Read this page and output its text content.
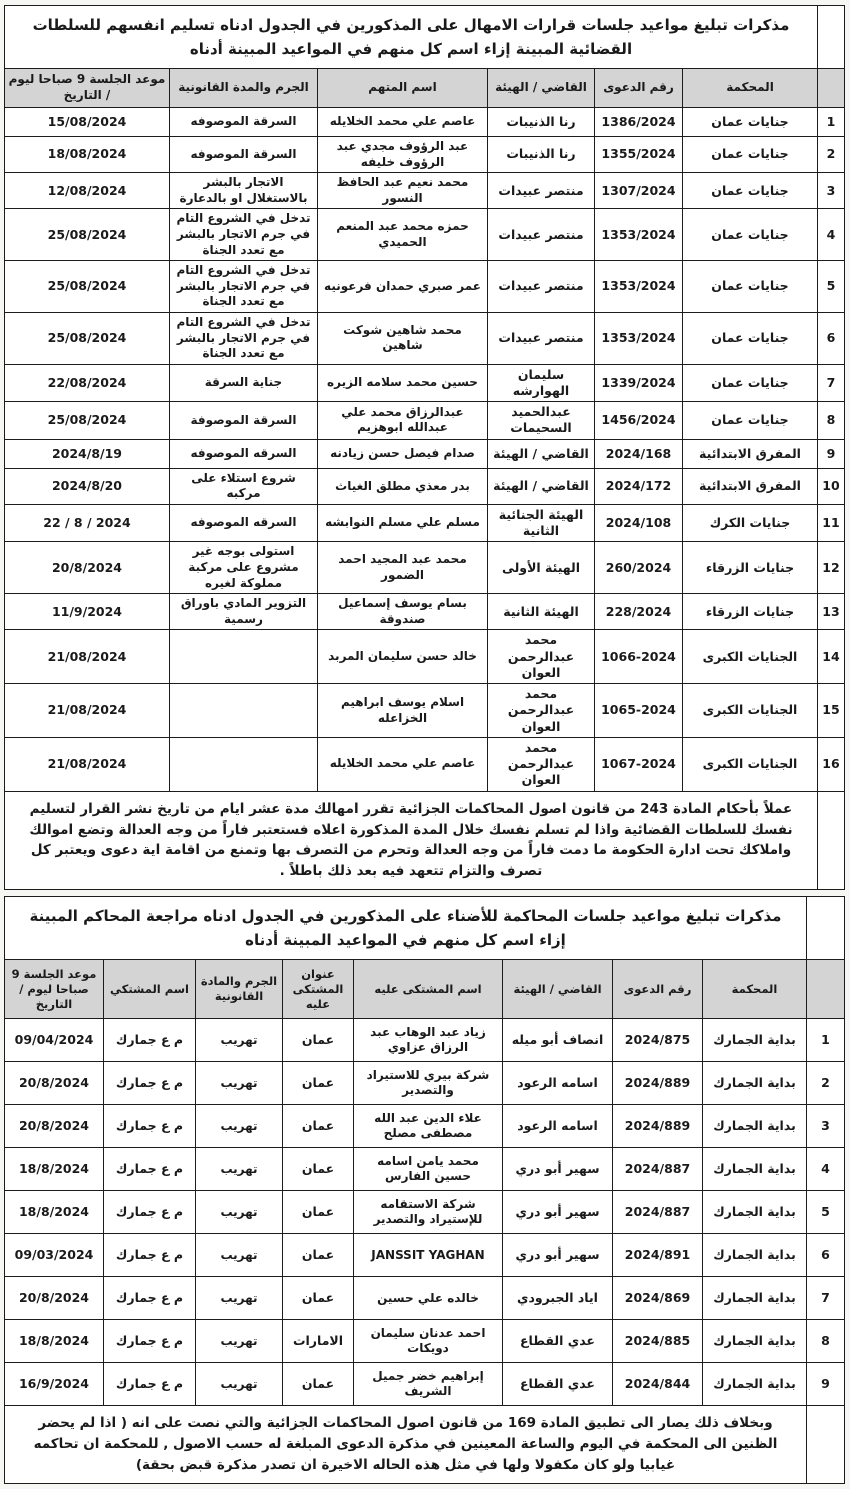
	مذكرات تبليغ مواعيد جلسات قرارات الامهال على المذكورين في الجدول ادناه تسليم انفسهم للسلطات القضائية المبينة إزاء اسم كل منهم في المواعيد المبينة أدناه					
	المحكمة	رقم الدعوى	القاضي / الهيئة	اسم المتهم	الجرم والمدة القانونية	موعد الجلسة 9 صباحا ليوم / التاريخ
1	جنايات عمان	1386/2024	رنا الذنيبات	عاصم علي محمد الخلايله	السرقة الموصوفه	15/08/2024
2	جنايات عمان	1355/2024	رنا الذنيبات	عبد الرؤوف مجدي عبد الرؤوف خليفه	السرقة الموصوفه	18/08/2024
3	جنايات عمان	1307/2024	منتصر عبيدات	محمد نعيم عبد الحافظ النسور	الاتجار بالبشر بالاستغلال او بالدعارة	12/08/2024
4	جنايات عمان	1353/2024	منتصر عبيدات	حمزه محمد عبد المنعم الحميدي	تدخل في الشروع التام في جرم الاتجار بالبشر مع تعدد الجناة	25/08/2024
5	جنايات عمان	1353/2024	منتصر عبيدات	عمر صبري حمدان فرعونيه	تدخل في الشروع التام في جرم الاتجار بالبشر مع تعدد الجناة	25/08/2024
6	جنايات عمان	1353/2024	منتصر عبيدات	محمد شاهين شوكت شاهين	تدخل في الشروع التام في جرم الاتجار بالبشر مع تعدد الجناة	25/08/2024
7	جنايات عمان	1339/2024	سليمان الهوارشه	حسين محمد سلامه الزيره	جناية السرقة	22/08/2024
8	جنايات عمان	1456/2024	عبدالحميد السحيمات	عبدالرزاق محمد علي عبدالله ابوهزيم	السرقة الموصوفة	25/08/2024
9	المفرق الابتدائية	2024/168	القاضي / الهيئة	صدام فيصل حسن زيادنه	السرقه الموصوفه	2024/8/19
10	المفرق الابتدائية	2024/172	القاضي / الهيئة	بدر معذي مطلق الغياث	شروع استلاء على مركبه	2024/8/20
11	جنايات الكرك	2024/108	الهيئة الجنائية الثانية	مسلم علي مسلم النوابشه	السرقه الموصوفه	22 / 8 / 2024
12	جنايات الزرقاء	260/2024	الهيئة الأولى	محمد عبد المجيد احمد الضمور	استولى بوجه غير مشروع على مركبة مملوكة لغيره	20/8/2024
13	جنايات الزرقاء	228/2024	الهيئة الثانية	بسام يوسف إسماعيل صندوقة	التزوير المادي باوراق رسمية	11/9/2024
14	الجنايات الكبرى	1066-2024	محمد عبدالرحمن العوان	خالد حسن سليمان المربد		21/08/2024
15	الجنايات الكبرى	1065-2024	محمد عبدالرحمن العوان	اسلام يوسف ابراهيم الخزاعله		21/08/2024
16	الجنايات الكبرى	1067-2024	محمد عبدالرحمن العوان	عاصم علي محمد الخلايله		21/08/2024
	عملاً بأحكام المادة 243 من قانون اصول المحاكمات الجزائية تقرر امهالك مدة عشر ايام من تاريخ نشر القرار لتسليم نفسك للسلطات القضائية واذا لم تسلم نفسك خلال المدة المذكورة اعلاه فستعتبر فاراً من وجه العدالة وتضع اموالك واملاكك تحت ادارة الحكومة ما دمت فاراً من وجه العدالة وتحرم من التصرف بها وتمنع من اقامة اية دعوى ويعتبر كل تصرف والتزام تتعهد فيه بعد ذلك باطلاً .					
	مذكرات تبليغ مواعيد جلسات المحاكمة للأضناء على المذكورين في الجدول ادناه مراجعة المحاكم المبينة إزاء اسم كل منهم في المواعيد المبينة أدناه							
	المحكمة	رقم الدعوى	القاضي / الهيئة	اسم المشتكى عليه	عنوان المشتكى عليه	الجرم والمادة القانونية	اسم المشتكي	موعد الجلسة 9 صباحا ليوم / التاريخ
1	بداية الجمارك	2024/875	انصاف أبو ميله	زياد عبد الوهاب عبد الرزاق عزاوي	عمان	تهريب	م ع جمارك	09/04/2024
2	بداية الجمارك	2024/889	اسامه الرعود	شركة بيري للاستيراد والتصدير	عمان	تهريب	م ع جمارك	20/8/2024
3	بداية الجمارك	2024/889	اسامه الرعود	علاء الدين عبد الله مصطفى مصلح	عمان	تهريب	م ع جمارك	20/8/2024
4	بداية الجمارك	2024/887	سهير أبو دري	محمد يامن اسامه حسين الفارس	عمان	تهريب	م ع جمارك	18/8/2024
5	بداية الجمارك	2024/887	سهير أبو دري	شركة الاستقامه للإستيراد والتصدير	عمان	تهريب	م ع جمارك	18/8/2024
6	بداية الجمارك	2024/891	سهير أبو دري	JANSSIT YAGHAN	عمان	تهريب	م ع جمارك	09/03/2024
7	بداية الجمارك	2024/869	اياد الجبرودي	خالده علي حسين	عمان	تهريب	م ع جمارك	20/8/2024
8	بداية الجمارك	2024/885	عدي القطاع	احمد عدنان سليمان دويكات	الامارات	تهريب	م ع جمارك	18/8/2024
9	بداية الجمارك	2024/844	عدي القطاع	إبراهيم خضر جميل الشريف	عمان	تهريب	م ع جمارك	16/9/2024
	وبخلاف ذلك يصار الى تطبيق المادة 169 من قانون اصول المحاكمات الجزائية والتي نصت على انه ( اذا لم يحضر الظنين الى المحكمة في اليوم والساعة المعينين في مذكرة الدعوى المبلغة له حسب الاصول , للمحكمة ان تحاكمه غيابيا ولو كان مكفولا ولها في مثل هذه الحاله الاخيرة ان تصدر مذكرة قبض بحقة)							
